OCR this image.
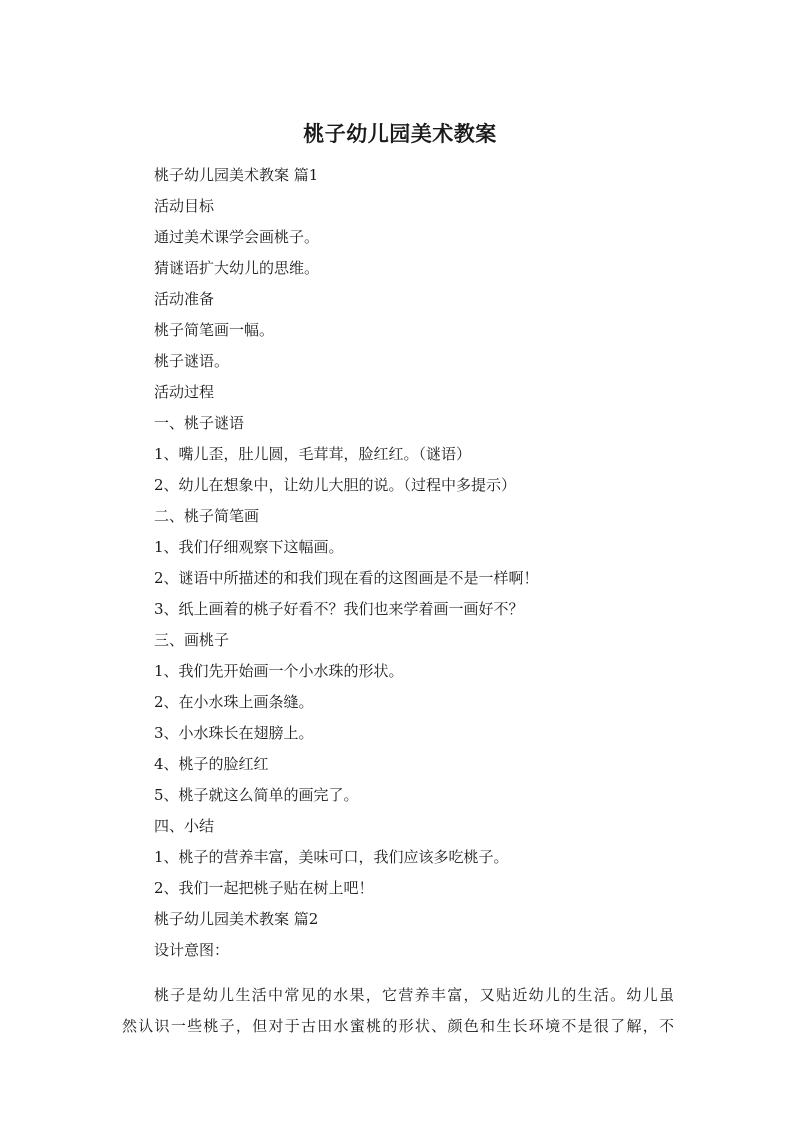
桃子幼儿园美术教案
桃子幼儿园美术教案 篇1
活动目标
通过美术课学会画桃子。
猜谜语扩大幼儿的思维。
活动准备
桃子简笔画一幅。
桃子谜语。
活动过程
一、桃子谜语
1、嘴儿歪，肚儿圆，毛茸茸，脸红红。（谜语）
2、幼儿在想象中，让幼儿大胆的说。（过程中多提示）
二、桃子简笔画
1、我们仔细观察下这幅画。
2、谜语中所描述的和我们现在看的这图画是不是一样啊！
3、纸上画着的桃子好看不？我们也来学着画一画好不？
三、画桃子
1、我们先开始画一个小水珠的形状。
2、在小水珠上画条缝。
3、小水珠长在翅膀上。
4、桃子的脸红红
5、桃子就这么简单的画完了。
四、小结
1、桃子的营养丰富，美味可口，我们应该多吃桃子。
2、我们一起把桃子贴在树上吧！
桃子幼儿园美术教案 篇2
设计意图：
桃子是幼儿生活中常见的水果，它营养丰富，又贴近幼儿的生活。幼儿虽
然认识一些桃子，但对于古田水蜜桃的形状、颜色和生长环境不是很了解，不
